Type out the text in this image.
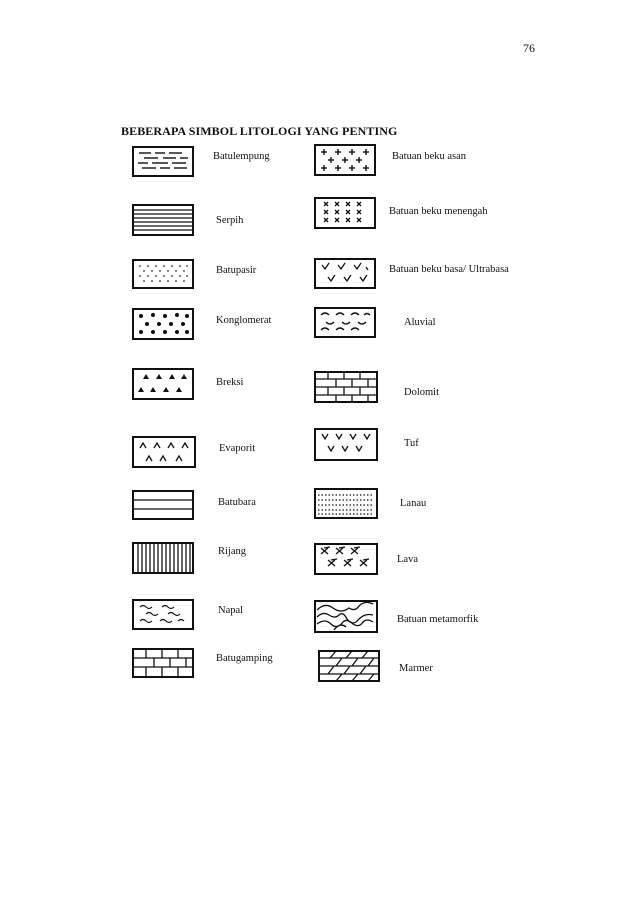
76
BEBERAPA SIMBOL LITOLOGI YANG PENTING
Batulempung
Serpih
Batupasir
Konglomerat
Breksi
Evaporit
Batubara
Rijang
Napal
Batugamping
Batuan beku asan
Batuan beku menengah
Batuan beku basa/ Ultrabasa
Aluvial
Dolomit
Tuf
Lanau
Lava
Batuan metamorfik
Marmer
